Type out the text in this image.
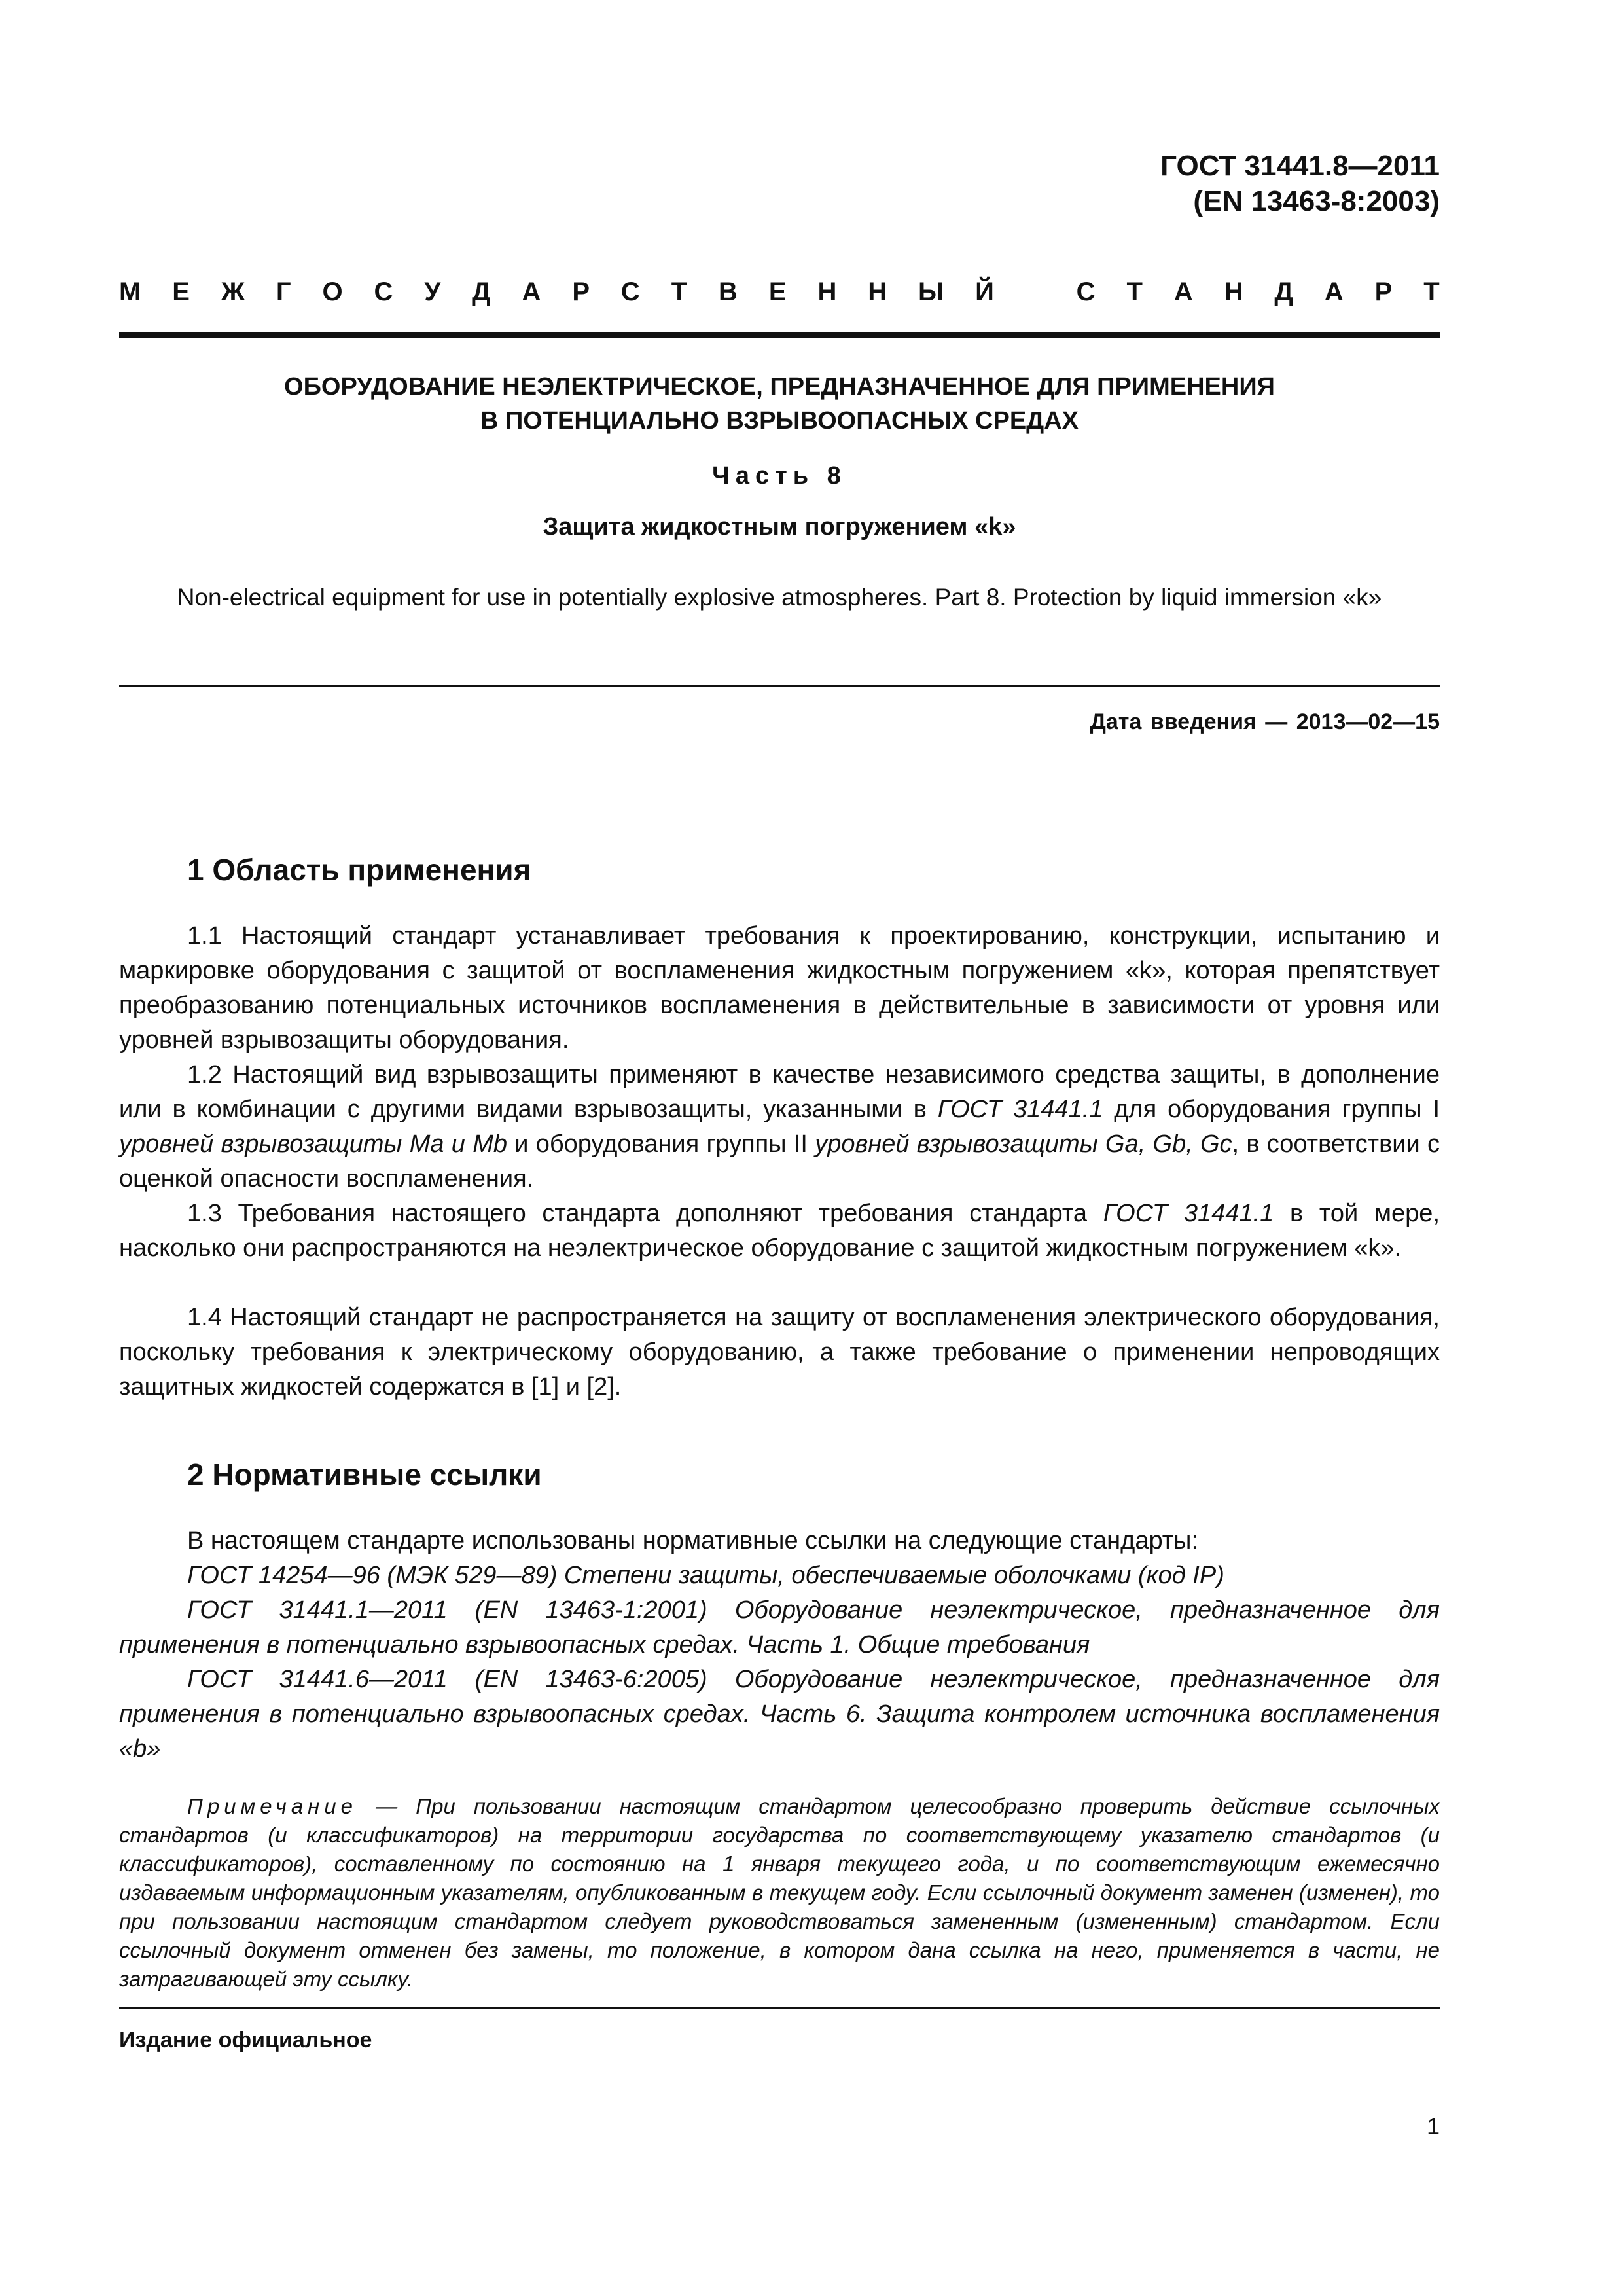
ГОСТ 31441.8—2011
(EN 13463-8:2003)
М Е Ж Г О С У Д А Р С Т В Е Н Н Ы Й	С Т А Н Д А Р Т
ОБОРУДОВАНИЕ НЕЭЛЕКТРИЧЕСКОЕ, ПРЕДНАЗНАЧЕННОЕ ДЛЯ ПРИМЕНЕНИЯ
В ПОТЕНЦИАЛЬНО ВЗРЫВООПАСНЫХ СРЕДАХ
Часть 8
Защита жидкостным погружением «k»
Non-electrical equipment for use in potentially explosive atmospheres. Part 8. Protection by liquid immersion «k»
Дата введения — 2013—02—15
1 Область применения
1.1 Настоящий стандарт устанавливает требования к проектированию, конструкции, испытанию и маркировке оборудования с защитой от воспламенения жидкостным погружением «k», которая препятствует преобразованию потенциальных источников воспламенения в действительные в зависимости от уровня или уровней взрывозащиты оборудования.
1.2 Настоящий вид взрывозащиты применяют в качестве независимого средства защиты, в дополнение или в комбинации с другими видами взрывозащиты, указанными в ГОСТ 31441.1 для оборудования группы I уровней взрывозащиты Ma и Mb и оборудования группы II уровней взрывозащиты Ga, Gb, Gc, в соответствии с оценкой опасности воспламенения.
1.3 Требования настоящего стандарта дополняют требования стандарта ГОСТ 31441.1 в той мере, насколько они распространяются на неэлектрическое оборудование с защитой жидкостным погружением «k».
1.4 Настоящий стандарт не распространяется на защиту от воспламенения электрического оборудования, поскольку требования к электрическому оборудованию, а также требование о применении непроводящих защитных жидкостей содержатся в [1] и [2].
2 Нормативные ссылки
В настоящем стандарте использованы нормативные ссылки на следующие стандарты:
ГОСТ 14254—96 (МЭК 529—89) Степени защиты, обеспечиваемые оболочками (код IP)
ГОСТ 31441.1—2011 (EN 13463-1:2001) Оборудование неэлектрическое, предназначенное для применения в потенциально взрывоопасных средах. Часть 1. Общие требования
ГОСТ 31441.6—2011 (EN 13463-6:2005) Оборудование неэлектрическое, предназначенное для применения в потенциально взрывоопасных средах. Часть 6. Защита контролем источника воспламенения «b»
Примечание — При пользовании настоящим стандартом целесообразно проверить действие ссылочных стандартов (и классификаторов) на территории государства по соответствующему указателю стандартов (и классификаторов), составленному по состоянию на 1 января текущего года, и по соответствующим ежемесячно издаваемым информационным указателям, опубликованным в текущем году. Если ссылочный документ заменен (изменен), то при пользовании настоящим стандартом следует руководствоваться замененным (измененным) стандартом. Если ссылочный документ отменен без замены, то положение, в котором дана ссылка на него, применяется в части, не затрагивающей эту ссылку.
Издание официальное
1
